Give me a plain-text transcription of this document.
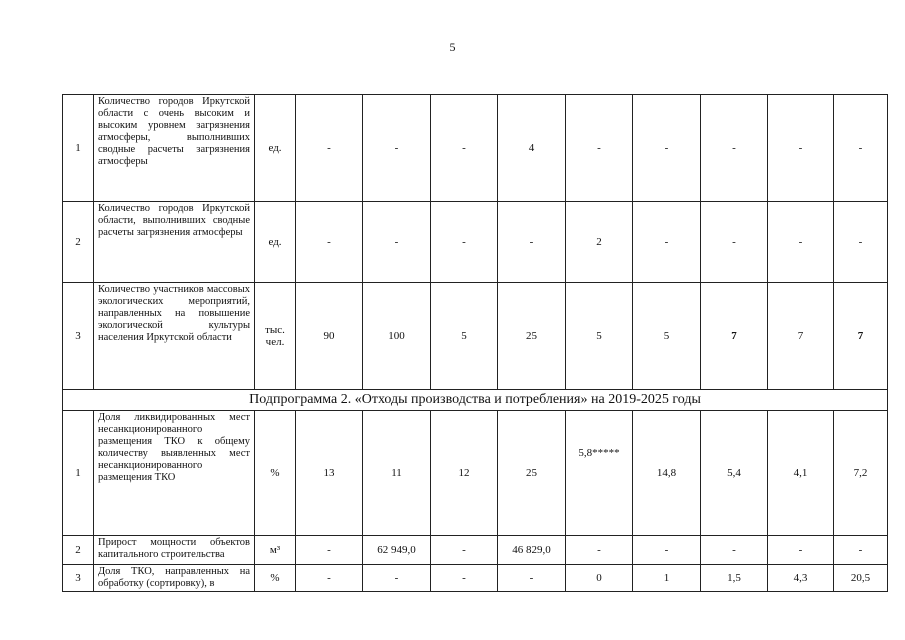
5
1	Количество городов Иркутской области с очень высоким и высоким уровнем загрязнения атмосферы, выполнивших сводные расчеты загрязнения атмосферы	ед.	-	-	-	4	-	-	-	-	-
2	Количество городов Иркутской области, выполнивших сводные расчеты загрязнения атмосферы	ед.	-	-	-	-	2	-	-	-	-
3	Количество участников массовых экологических мероприятий, направленных на повышение экологической культуры населения Иркутской области	тыс. чел.	90	100	5	25	5	5	7	7	7
Подпрограмма 2. «Отходы производства и потребления» на 2019-2025 годы											
1	Доля ликвидированных мест несанкционированного размещения ТКО к общему количеству выявленных мест несанкционированного размещения ТКО	%	13	11	12	25	5,8*****	14,8	5,4	4,1	7,2
2	Прирост мощности объектов капитального строительства	м³	-	62 949,0	-	46 829,0	-	-	-	-	-
3	Доля ТКО, направленных на обработку (сортировку), в	%	-	-	-	-	0	1	1,5	4,3	20,5
